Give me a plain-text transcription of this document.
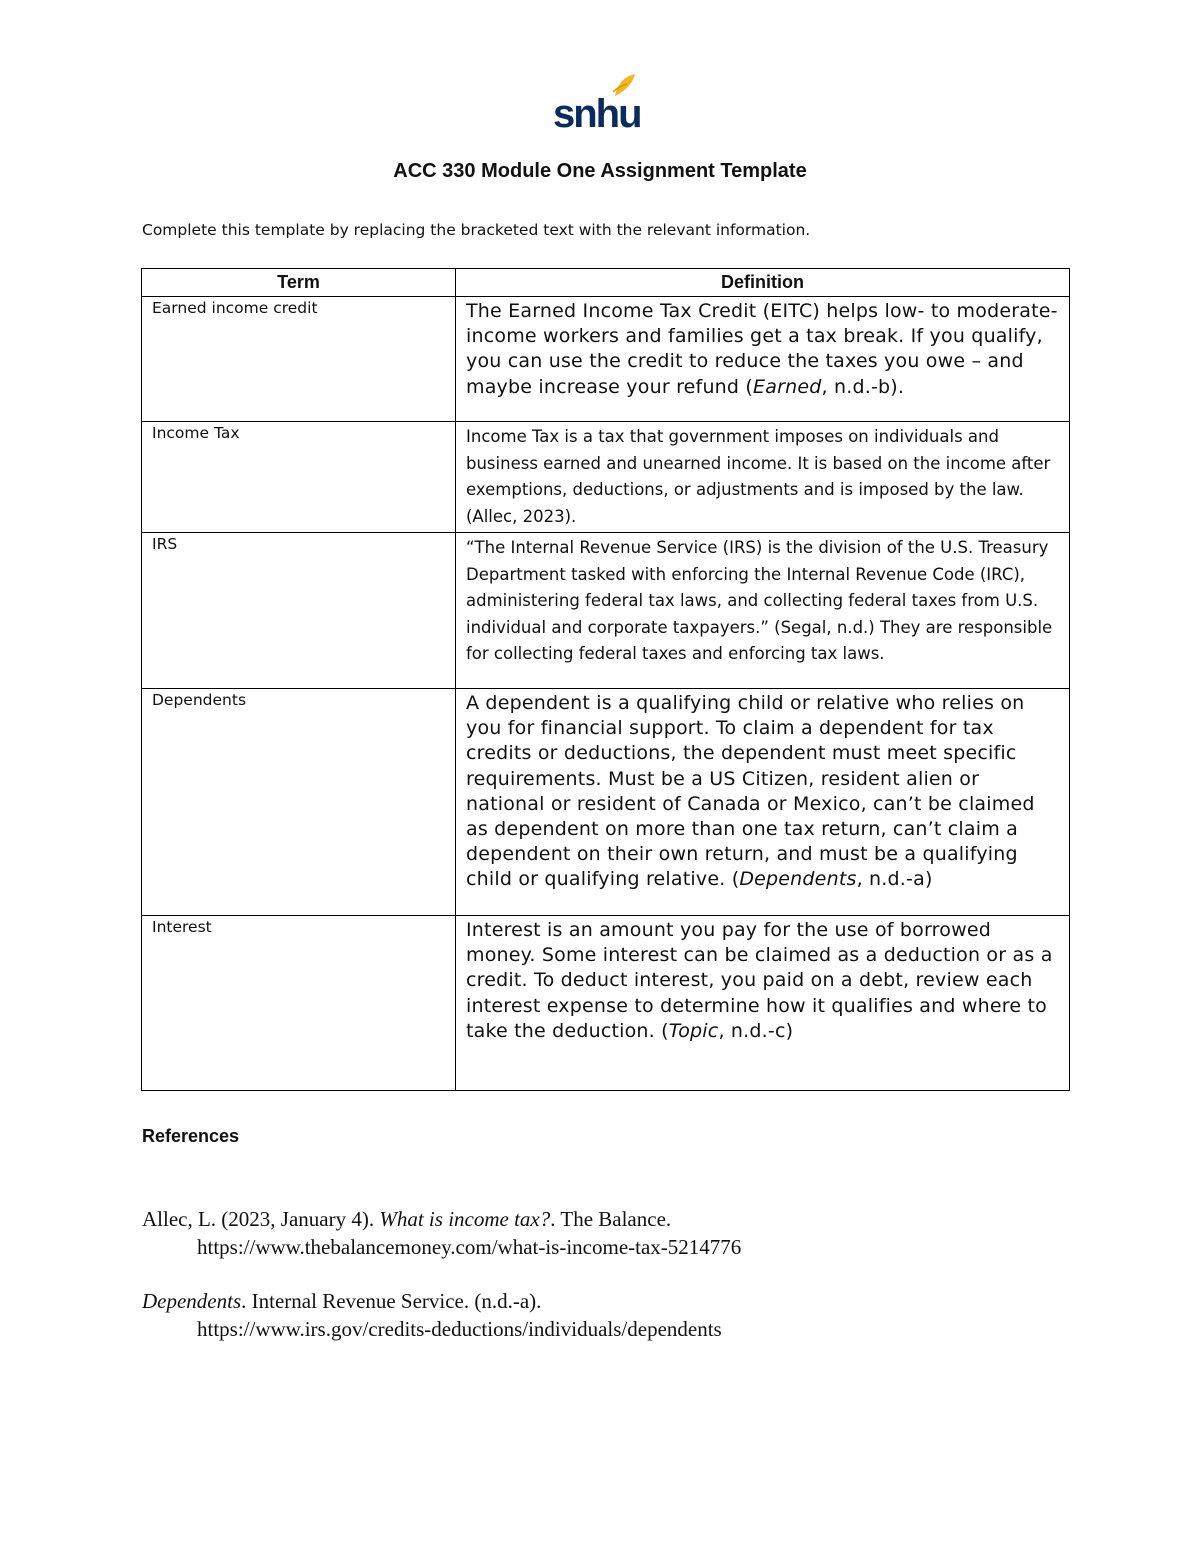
snhu
ACC 330 Module One Assignment Template
Complete this template by replacing the bracketed text with the relevant information.
Term	Definition
Earned income credit	The Earned Income Tax Credit (EITC) helps low- to moderate-income workers and families get a tax break. If you qualify, you can use the credit to reduce the taxes you owe – and maybe increase your refund (Earned, n.d.-b).
Income Tax	Income Tax is a tax that government imposes on individuals and business earned and unearned income. It is based on the income after exemptions, deductions, or adjustments and is imposed by the law. (Allec, 2023).
IRS	“The Internal Revenue Service (IRS) is the division of the U.S. Treasury Department tasked with enforcing the Internal Revenue Code (IRC), administering federal tax laws, and collecting federal taxes from U.S. individual and corporate taxpayers.” (Segal, n.d.) They are responsible for collecting federal taxes and enforcing tax laws.
Dependents	A dependent is a qualifying child or relative who relies on you for financial support. To claim a dependent for tax credits or deductions, the dependent must meet specific requirements. Must be a US Citizen, resident alien or national or resident of Canada or Mexico, can’t be claimed as dependent on more than one tax return, can’t claim a dependent on their own return, and must be a qualifying child or qualifying relative. (Dependents, n.d.-a)
Interest	Interest is an amount you pay for the use of borrowed money. Some interest can be claimed as a deduction or as a credit. To deduct interest, you paid on a debt, review each interest expense to determine how it qualifies and where to take the deduction. (Topic, n.d.-c)
References
Allec, L. (2023, January 4). What is income tax?. The Balance.
https://www.thebalancemoney.com/what-is-income-tax-5214776
Dependents. Internal Revenue Service. (n.d.-a).
https://www.irs.gov/credits-deductions/individuals/dependents
